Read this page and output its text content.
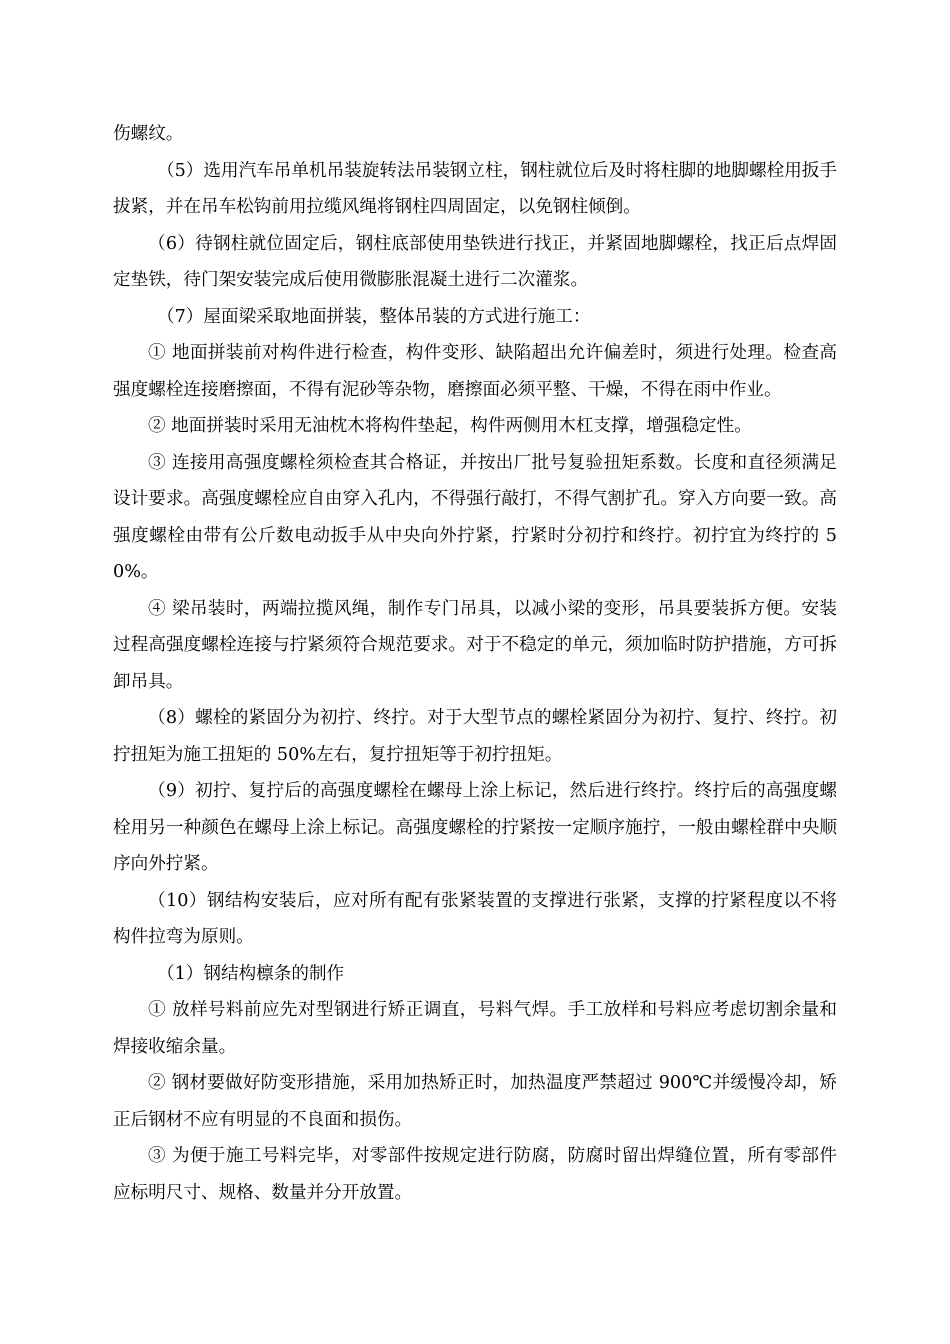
伤螺纹。

（5）选用汽车吊单机吊装旋转法吊装钢立柱，钢柱就位后及时将柱脚的地脚螺栓用扳手拔紧，并在吊车松钩前用拉缆风绳将钢柱四周固定，以免钢柱倾倒。

（6）待钢柱就位固定后，钢柱底部使用垫铁进行找正，并紧固地脚螺栓，找正后点焊固定垫铁，待门架安装完成后使用微膨胀混凝土进行二次灌浆。

（7）屋面梁采取地面拼装，整体吊装的方式进行施工：

① 地面拼装前对构件进行检查，构件变形、缺陷超出允许偏差时，须进行处理。检查高强度螺栓连接磨擦面，不得有泥砂等杂物，磨擦面必须平整、干燥，不得在雨中作业。

② 地面拼装时采用无油枕木将构件垫起，构件两侧用木杠支撑，增强稳定性。

③ 连接用高强度螺栓须检查其合格证，并按出厂批号复验扭矩系数。长度和直径须满足设计要求。高强度螺栓应自由穿入孔内，不得强行敲打，不得气割扩孔。穿入方向要一致。高强度螺栓由带有公斤数电动扳手从中央向外拧紧，拧紧时分初拧和终拧。初拧宜为终拧的 50%。

④ 梁吊装时，两端拉揽风绳，制作专门吊具，以减小梁的变形，吊具要装拆方便。安装过程高强度螺栓连接与拧紧须符合规范要求。对于不稳定的单元，须加临时防护措施，方可拆卸吊具。

（8）螺栓的紧固分为初拧、终拧。对于大型节点的螺栓紧固分为初拧、复拧、终拧。初拧扭矩为施工扭矩的 50%左右，复拧扭矩等于初拧扭矩。

（9）初拧、复拧后的高强度螺栓在螺母上涂上标记，然后进行终拧。终拧后的高强度螺栓用另一种颜色在螺母上涂上标记。高强度螺栓的拧紧按一定顺序施拧，一般由螺栓群中央顺序向外拧紧。

（10）钢结构安装后，应对所有配有张紧装置的支撑进行张紧，支撑的拧紧程度以不将构件拉弯为原则。

（1）钢结构檩条的制作

① 放样号料前应先对型钢进行矫正调直，号料气焊。手工放样和号料应考虑切割余量和焊接收缩余量。

② 钢材要做好防变形措施，采用加热矫正时，加热温度严禁超过 900℃并缓慢冷却，矫正后钢材不应有明显的不良面和损伤。

③ 为便于施工号料完毕，对零部件按规定进行防腐，防腐时留出焊缝位置，所有零部件应标明尺寸、规格、数量并分开放置。
